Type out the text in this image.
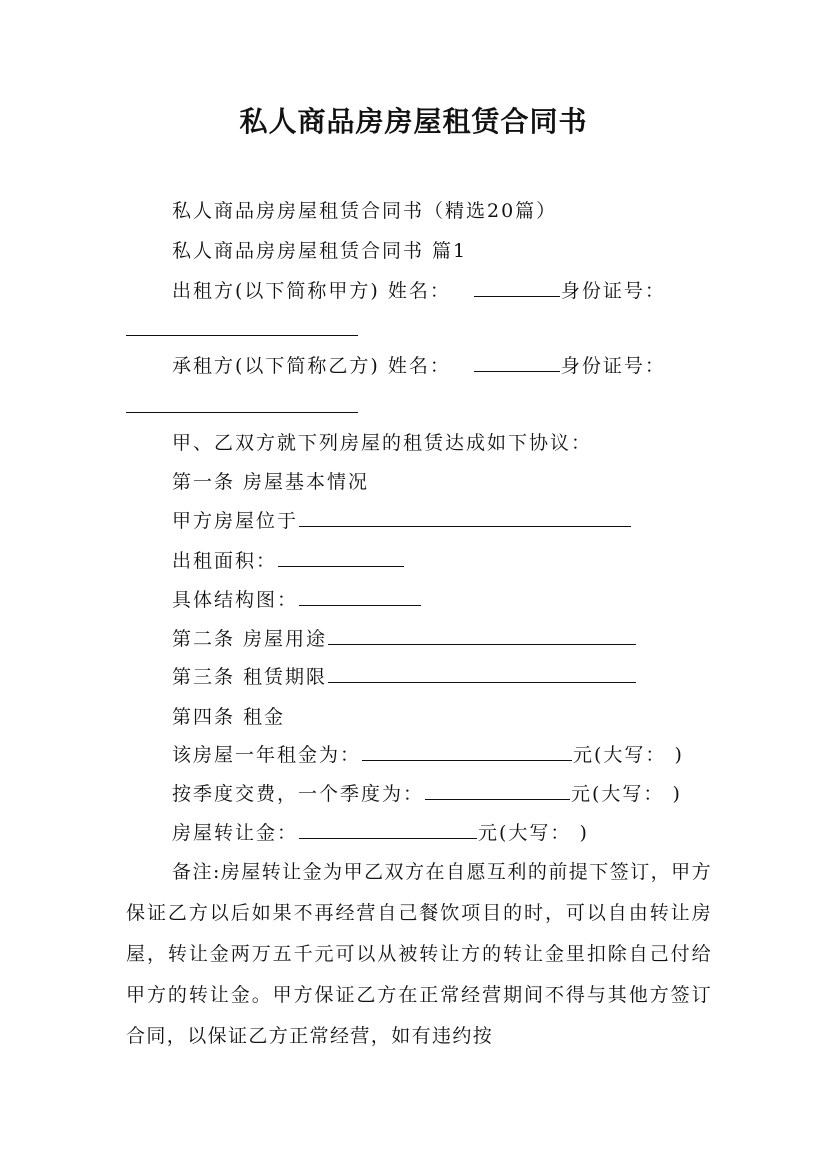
私人商品房房屋租赁合同书
私人商品房房屋租赁合同书（精选20篇）
私人商品房房屋租赁合同书 篇1
出租方(以下简称甲方) 姓名：	身份证号：
承租方(以下简称乙方) 姓名：	身份证号：
甲、乙双方就下列房屋的租赁达成如下协议：
第一条 房屋基本情况
甲方房屋位于
出租面积：
具体结构图：
第二条 房屋用途
第三条 租赁期限
第四条 租金
该房屋一年租金为：	元(大写： )
按季度交费，一个季度为：	元(大写： )
房屋转让金：	元(大写： )

备注:房屋转让金为甲乙双方在自愿互利的前提下签订，甲方保证乙方以后如果不再经营自己餐饮项目的时，可以自由转让房屋，转让金两万五千元可以从被转让方的转让金里扣除自己付给甲方的转让金。甲方保证乙方在正常经营期间不得与其他方签订合同，以保证乙方正常经营，如有违约按
